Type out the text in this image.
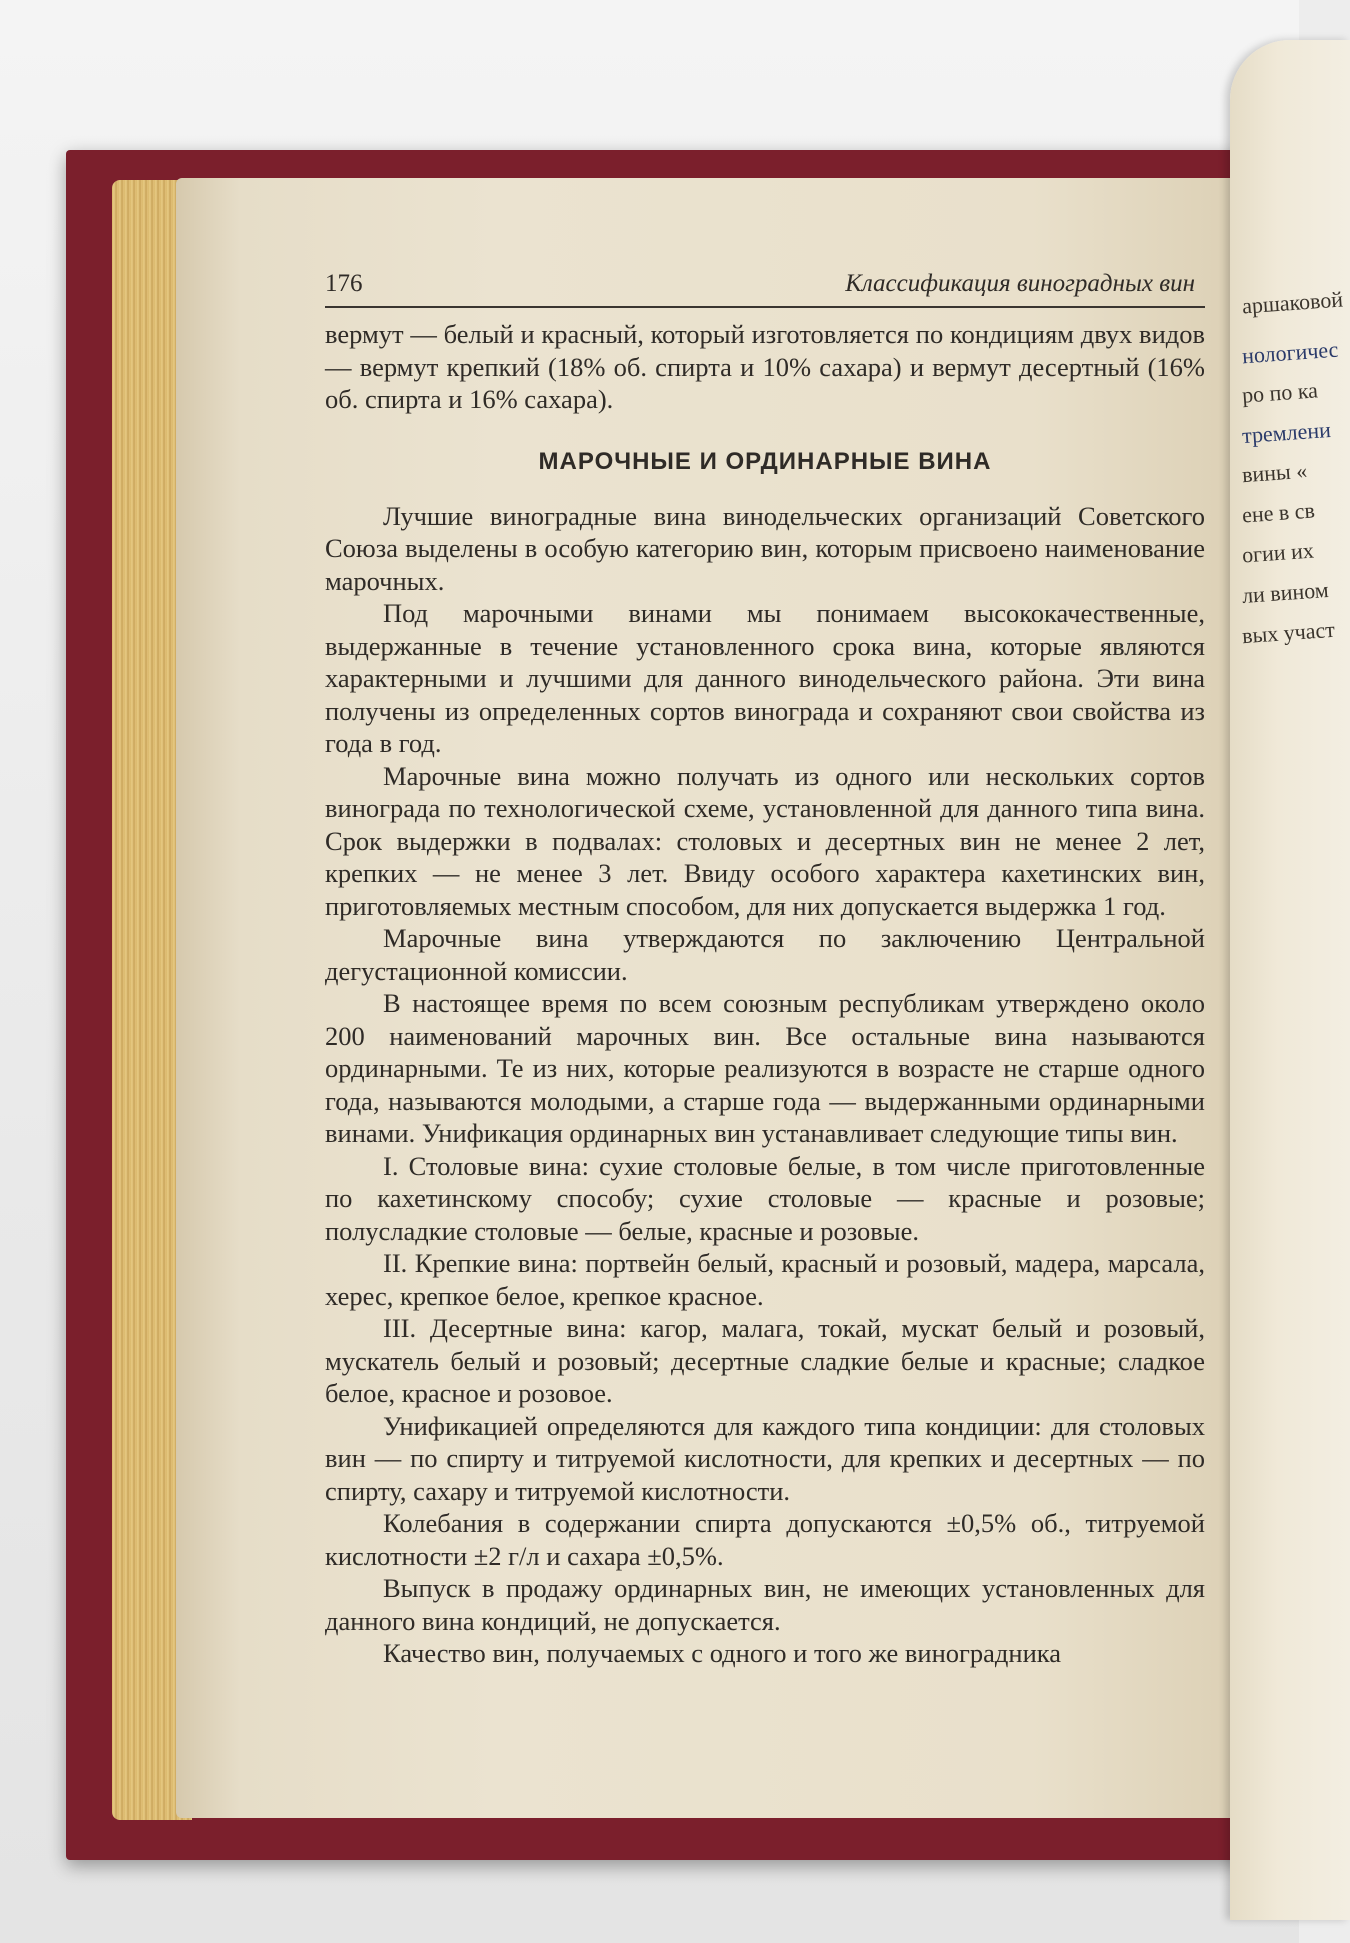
аршаковой
нологичес
ро по ка
тремлени
вины «
ене в св
огии их
ли вином
вых участ
176	Классификация виноградных вин

вермут — белый и красный, который изготовляется по кондициям двух видов — вермут крепкий (18% об. спирта и 10% сахара) и вермут десертный (16% об. спирта и 16% сахара).

МАРОЧНЫЕ И ОРДИНАРНЫЕ ВИНА

Лучшие виноградные вина винодельческих организаций Советского Союза выделены в особую категорию вин, которым присвоено наименование марочных.

Под марочными винами мы понимаем высококачественные, выдержанные в течение установленного срока вина, которые являются характерными и лучшими для данного винодельческого района. Эти вина получены из определенных сортов винограда и сохраняют свои свойства из года в год.

Марочные вина можно получать из одного или нескольких сортов винограда по технологической схеме, установленной для данного типа вина. Срок выдержки в подвалах: столовых и десертных вин не менее 2 лет, крепких — не менее 3 лет. Ввиду особого характера кахетинских вин, приготовляемых местным способом, для них допускается выдержка 1 год.

Марочные вина утверждаются по заключению Центральной дегустационной комиссии.

В настоящее время по всем союзным республикам утверждено около 200 наименований марочных вин. Все остальные вина называются ординарными. Те из них, которые реализуются в возрасте не старше одного года, называются молодыми, а старше года — выдержанными ординарными винами. Унификация ординарных вин устанавливает следующие типы вин.

I. Столовые вина: сухие столовые белые, в том числе приготовленные по кахетинскому способу; сухие столовые — красные и розовые; полусладкие столовые — белые, красные и розовые.

II. Крепкие вина: портвейн белый, красный и розовый, мадера, марсала, херес, крепкое белое, крепкое красное.

III. Десертные вина: кагор, малага, токай, мускат белый и розовый, мускатель белый и розовый; десертные сладкие белые и красные; сладкое белое, красное и розовое.

Унификацией определяются для каждого типа кондиции: для столовых вин — по спирту и титруемой кислотности, для крепких и десертных — по спирту, сахару и титруемой кислотности.

Колебания в содержании спирта допускаются ±0,5% об., титруемой кислотности ±2 г/л и сахара ±0,5%.

Выпуск в продажу ординарных вин, не имеющих установленных для данного вина кондиций, не допускается.

Качество вин, получаемых с одного и того же виноградника
